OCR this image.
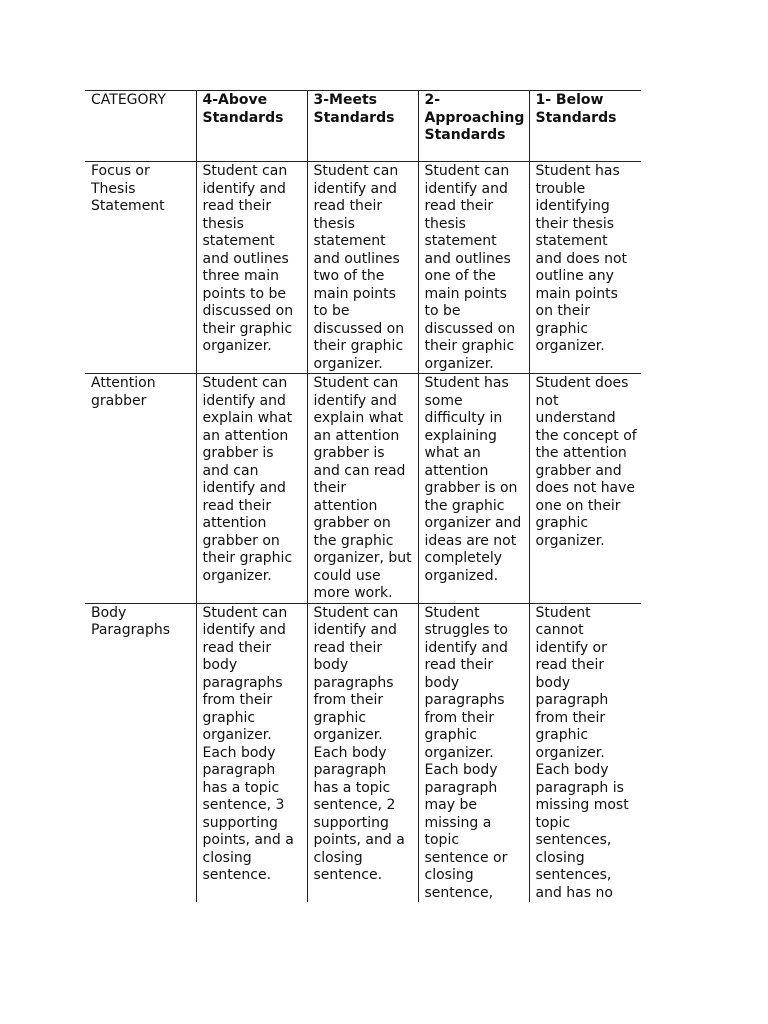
CATEGORY	4-Above Standards	3-Meets Standards	2-Approaching Standards	1- Below Standards
Focus or Thesis Statement	Student can identify and read their thesis statement and outlines three main points to be discussed on their graphic organizer.	Student can identify and read their thesis statement and outlines two of the main points to be discussed on their graphic organizer.	Student can identify and read their thesis statement and outlines one of the main points to be discussed on their graphic organizer.	Student has trouble identifying their thesis statement and does not outline any main points on their graphic organizer.
Attention grabber	Student can identify and explain what an attention grabber is and can identify and read their attention grabber on their graphic organizer.	Student can identify and explain what an attention grabber is and can read their attention grabber on the graphic organizer, but could use more work.	Student has some difficulty in explaining what an attention grabber is on the graphic organizer and ideas are not completely organized.	Student does not understand the concept of the attention grabber and does not have one on their graphic organizer.
Body Paragraphs	Student can identify and read their body paragraphs from their graphic organizer. Each body paragraph has a topic sentence, 3 supporting points, and a closing sentence.	Student can identify and read their body paragraphs from their graphic organizer. Each body paragraph has a topic sentence, 2 supporting points, and a closing sentence.	Student struggles to identify and read their body paragraphs from their graphic organizer. Each body paragraph may be missing a topic sentence or closing sentence,	Student cannot identify or read their body paragraph from their graphic organizer. Each body paragraph is missing most topic sentences, closing sentences, and has no
